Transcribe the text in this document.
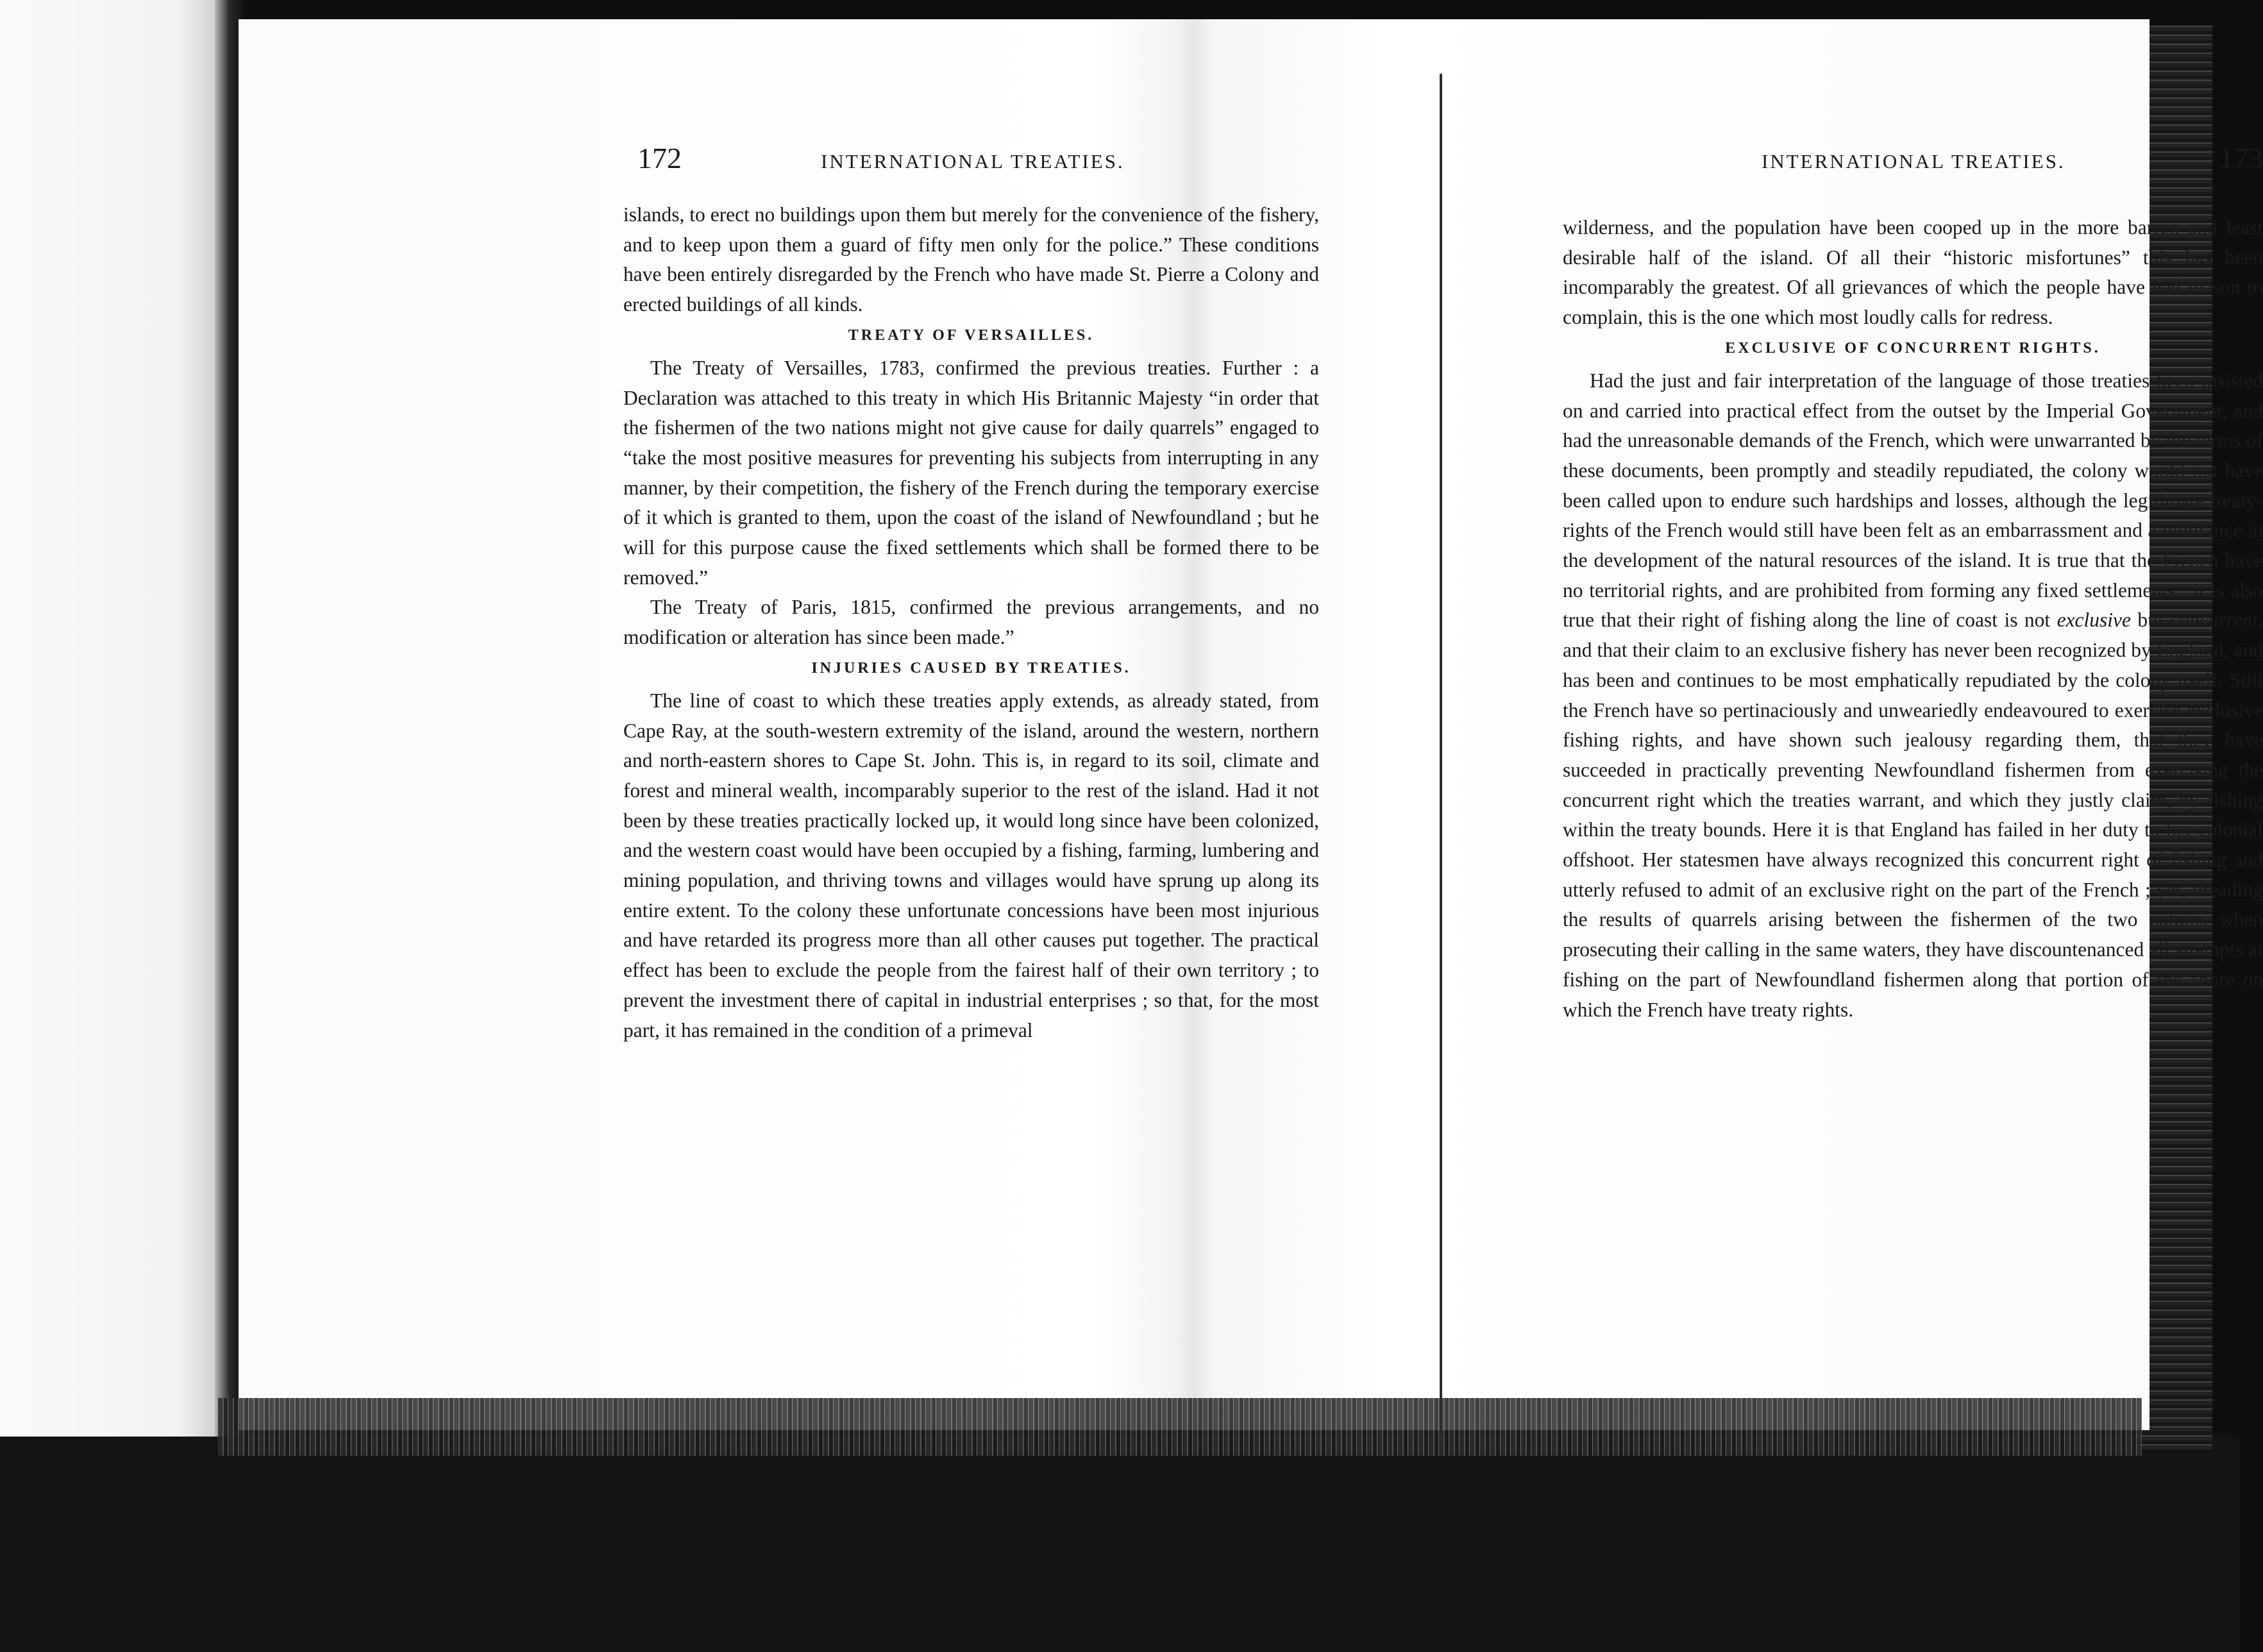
172	INTERNATIONAL TREATIES.

islands, to erect no buildings upon them but merely for the convenience of the fishery, and to keep upon them a guard of fifty men only for the police.” These conditions have been entirely disregarded by the French who have made St. Pierre a Colony and erected buildings of all kinds.

TREATY OF VERSAILLES.

The Treaty of Versailles, 1783, confirmed the previous treaties. Further : a Declaration was attached to this treaty in which His Britannic Majesty “in order that the fishermen of the two nations might not give cause for daily quarrels” engaged to “take the most positive measures for preventing his subjects from interrupting in any manner, by their competition, the fishery of the French during the temporary exercise of it which is granted to them, upon the coast of the island of Newfoundland ; but he will for this purpose cause the fixed settlements which shall be formed there to be removed.”

The Treaty of Paris, 1815, confirmed the previous arrangements, and no modification or alteration has since been made.”

INJURIES CAUSED BY TREATIES.

The line of coast to which these treaties apply extends, as already stated, from Cape Ray, at the south-western extremity of the island, around the western, northern and north-eastern shores to Cape St. John. This is, in regard to its soil, climate and forest and mineral wealth, incomparably superior to the rest of the island. Had it not been by these treaties practically locked up, it would long since have been colonized, and the western coast would have been occupied by a fishing, farming, lumbering and mining population, and thriving towns and villages would have sprung up along its entire extent. To the colony these unfortunate concessions have been most injurious and have retarded its progress more than all other causes put together. The practical effect has been to exclude the people from the fairest half of their own territory ; to prevent the investment there of capital in industrial enterprises ; so that, for the most part, it has remained in the condition of a primeval

INTERNATIONAL TREATIES.	173

wilderness, and the population have been cooped up in the more barren and least desirable half of the island. Of all their “historic misfortunes” this has been incomparably the greatest. Of all grievances of which the people have had reason to complain, this is the one which most loudly calls for redress.

EXCLUSIVE OF CONCURRENT RIGHTS.

Had the just and fair interpretation of the language of those treaties been insisted on and carried into practical effect from the outset by the Imperial Government, and had the unreasonable demands of the French, which were unwarranted by the terms of these documents, been promptly and steadily repudiated, the colony would not have been called upon to endure such hardships and losses, although the legitimate treaty-rights of the French would still have been felt as an embarrassment and a hindrance in the development of the natural resources of the island. It is true that the French have no territorial rights, and are prohibited from forming any fixed settlements ; it is also true that their right of fishing along the line of coast is not exclusive but concurrent, and that their claim to an exclusive fishery has never been recognized by England, and has been and continues to be most emphatically repudiated by the colony itself. Still the French have so pertinaciously and unweariedly endeavoured to exercise exclusive fishing rights, and have shown such jealousy regarding them, that they have succeeded in practically preventing Newfoundland fishermen from exercising the concurrent right which the treaties warrant, and which they justly claim, by fishing within the treaty bounds. Here it is that England has failed in her duty to her colonial offshoot. Her statesmen have always recognized this concurrent right of fishing and utterly refused to admit of an exclusive right on the part of the French ; yet, dreading the results of quarrels arising between the fishermen of the two nations when prosecuting their calling in the same waters, they have discountenanced all attempts at fishing on the part of Newfoundland fishermen along that portion of the shore on which the French have treaty rights.
